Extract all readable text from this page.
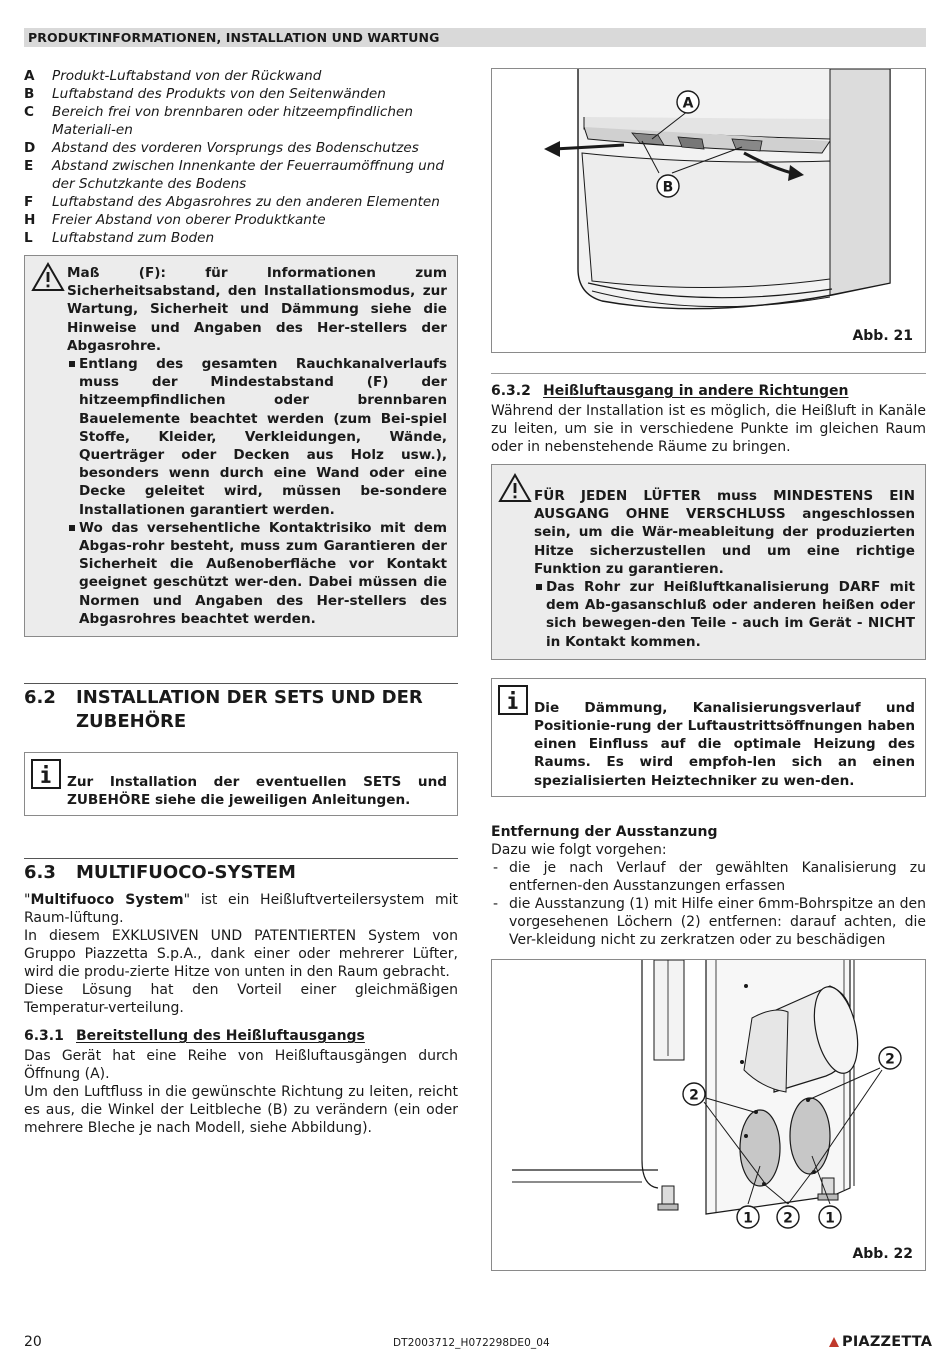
PRODUKTINFORMATIONEN, INSTALLATION UND WARTUNG
A	Produkt-Luftabstand von der Rückwand
B	Luftabstand des Produkts von den Seitenwänden
C	Bereich frei von brennbaren oder hitzeempfindlichen Materiali-en
D	Abstand des vorderen Vorsprungs des Bodenschutzes
E	Abstand zwischen Innenkante der Feuerraumöffnung und der Schutzkante des Bodens
F	Luftabstand des Abgasrohres zu den anderen Elementen
H	Freier Abstand von oberer Produktkante
L	Luftabstand zum Boden
Maß (F): für Informationen zum Sicherheitsabstand, den Installationsmodus, zur Wartung, Sicherheit und Dämmung siehe die Hinweise und Angaben des Her-stellers der Abgasrohre.
Entlang des gesamten Rauchkanalverlaufs muss der Mindestabstand (F) der hitzeempfindlichen oder brennbaren Bauelemente beachtet werden (zum Bei-spiel Stoffe, Kleider, Verkleidungen, Wände, Querträger oder Decken aus Holz usw.), besonders wenn durch eine Wand oder eine Decke geleitet wird, müssen be-sondere Installationen garantiert werden.
Wo das versehentliche Kontaktrisiko mit dem Abgas-rohr besteht, muss zum Garantieren der Sicherheit die Außenoberfläche vor Kontakt geeignet geschützt wer-den. Dabei müssen die Normen und Angaben des Her-stellers des Abgasrohres beachtet werden.
6.2	INSTALLATION DER SETS UND DER ZUBEHÖRE
Zur Installation der eventuellen SETS und ZUBEHÖRE siehe die jeweiligen Anleitungen.
6.3	MULTIFUOCO-SYSTEM
"Multifuoco System" ist ein Heißluftverteilersystem mit Raum-lüftung.
In diesem EXKLUSIVEN UND PATENTIERTEN System von Gruppo Piazzetta S.p.A., dank einer oder mehrerer Lüfter, wird die produ-zierte Hitze von unten in den Raum gebracht.
Diese Lösung hat den Vorteil einer gleichmäßigen Temperatur-verteilung.
6.3.1 Bereitstellung des Heißluftausgangs
Das Gerät hat eine Reihe von Heißluftausgängen durch Öffnung (A).
Um den Luftfluss in die gewünschte Richtung zu leiten, reicht es aus, die Winkel der Leitbleche (B) zu verändern (ein oder mehrere Bleche je nach Modell, siehe Abbildung).
A
B
Abb. 21
6.3.2 Heißluftausgang in andere Richtungen
Während der Installation ist es möglich, die Heißluft in Kanäle zu leiten, um sie in verschiedene Punkte im gleichen Raum oder in nebenstehende Räume zu bringen.
FÜR JEDEN LÜFTER muss MINDESTENS EIN AUSGANG OHNE VERSCHLUSS angeschlossen sein, um die Wär-meableitung der produzierten Hitze sicherzustellen und um eine richtige Funktion zu garantieren.
Das Rohr zur Heißluftkanalisierung DARF mit dem Ab-gasanschluß oder anderen heißen oder sich bewegen-den Teile - auch im Gerät - NICHT in Kontakt kommen.
Die Dämmung, Kanalisierungsverlauf und Positionie-rung der Luftaustrittsöffnungen haben einen Einfluss auf die optimale Heizung des Raums. Es wird empfoh-len sich an einen spezialisierten Heiztechniker zu wen-den.
Entfernung der Ausstanzung
Dazu wie folgt vorgehen:
- die je nach Verlauf der gewählten Kanalisierung zu entfernen-den Ausstanzungen erfassen
- die Ausstanzung (1) mit Hilfe einer 6mm-Bohrspitze an den vorgesehenen Löchern (2) entfernen: darauf achten, die Ver-kleidung nicht zu zerkratzen oder zu beschädigen
2
2
1 2 1
Abb. 22
20	DT2003712_H072298DE0_04	PIAZZETTA
